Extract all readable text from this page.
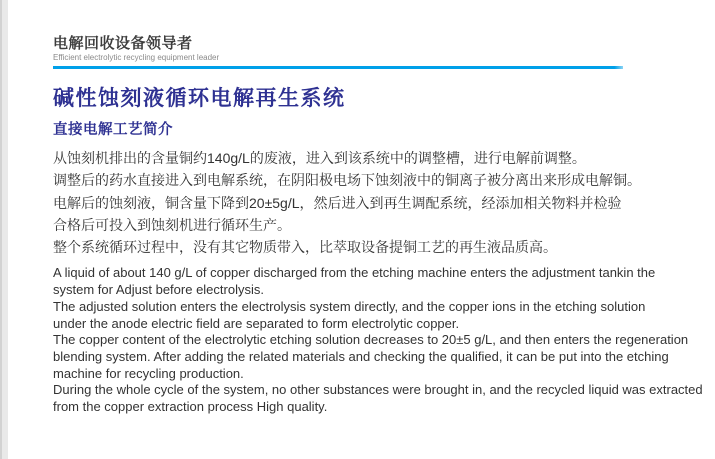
电解回收设备领导者
Efficient electrolytic recycling equipment leader
碱性蚀刻液循环电解再生系统
直接电解工艺简介
从蚀刻机排出的含量铜约140g/L的废液，进入到该系统中的调整槽，进行电解前调整。
调整后的药水直接进入到电解系统，在阴阳极电场下蚀刻液中的铜离子被分离出来形成电解铜。
电解后的蚀刻液，铜含量下降到20±5g/L，然后进入到再生调配系统，经添加相关物料并检验
合格后可投入到蚀刻机进行循环生产。
整个系统循环过程中，没有其它物质带入，比萃取设备提铜工艺的再生液品质高。
A liquid of about 140 g/L of copper discharged from the etching machine enters the adjustment tankin the
system for Adjust before electrolysis.
The adjusted solution enters the electrolysis system directly, and the copper ions in the etching solution
under the anode electric field are separated to form electrolytic copper.
The copper content of the electrolytic etching solution decreases to 20±5 g/L, and then enters the regeneration
blending system. After adding the related materials and checking the qualified, it can be put into the etching
machine for recycling production.
During the whole cycle of the system, no other substances were brought in, and the recycled liquid was extracted
from the copper extraction process High quality.
